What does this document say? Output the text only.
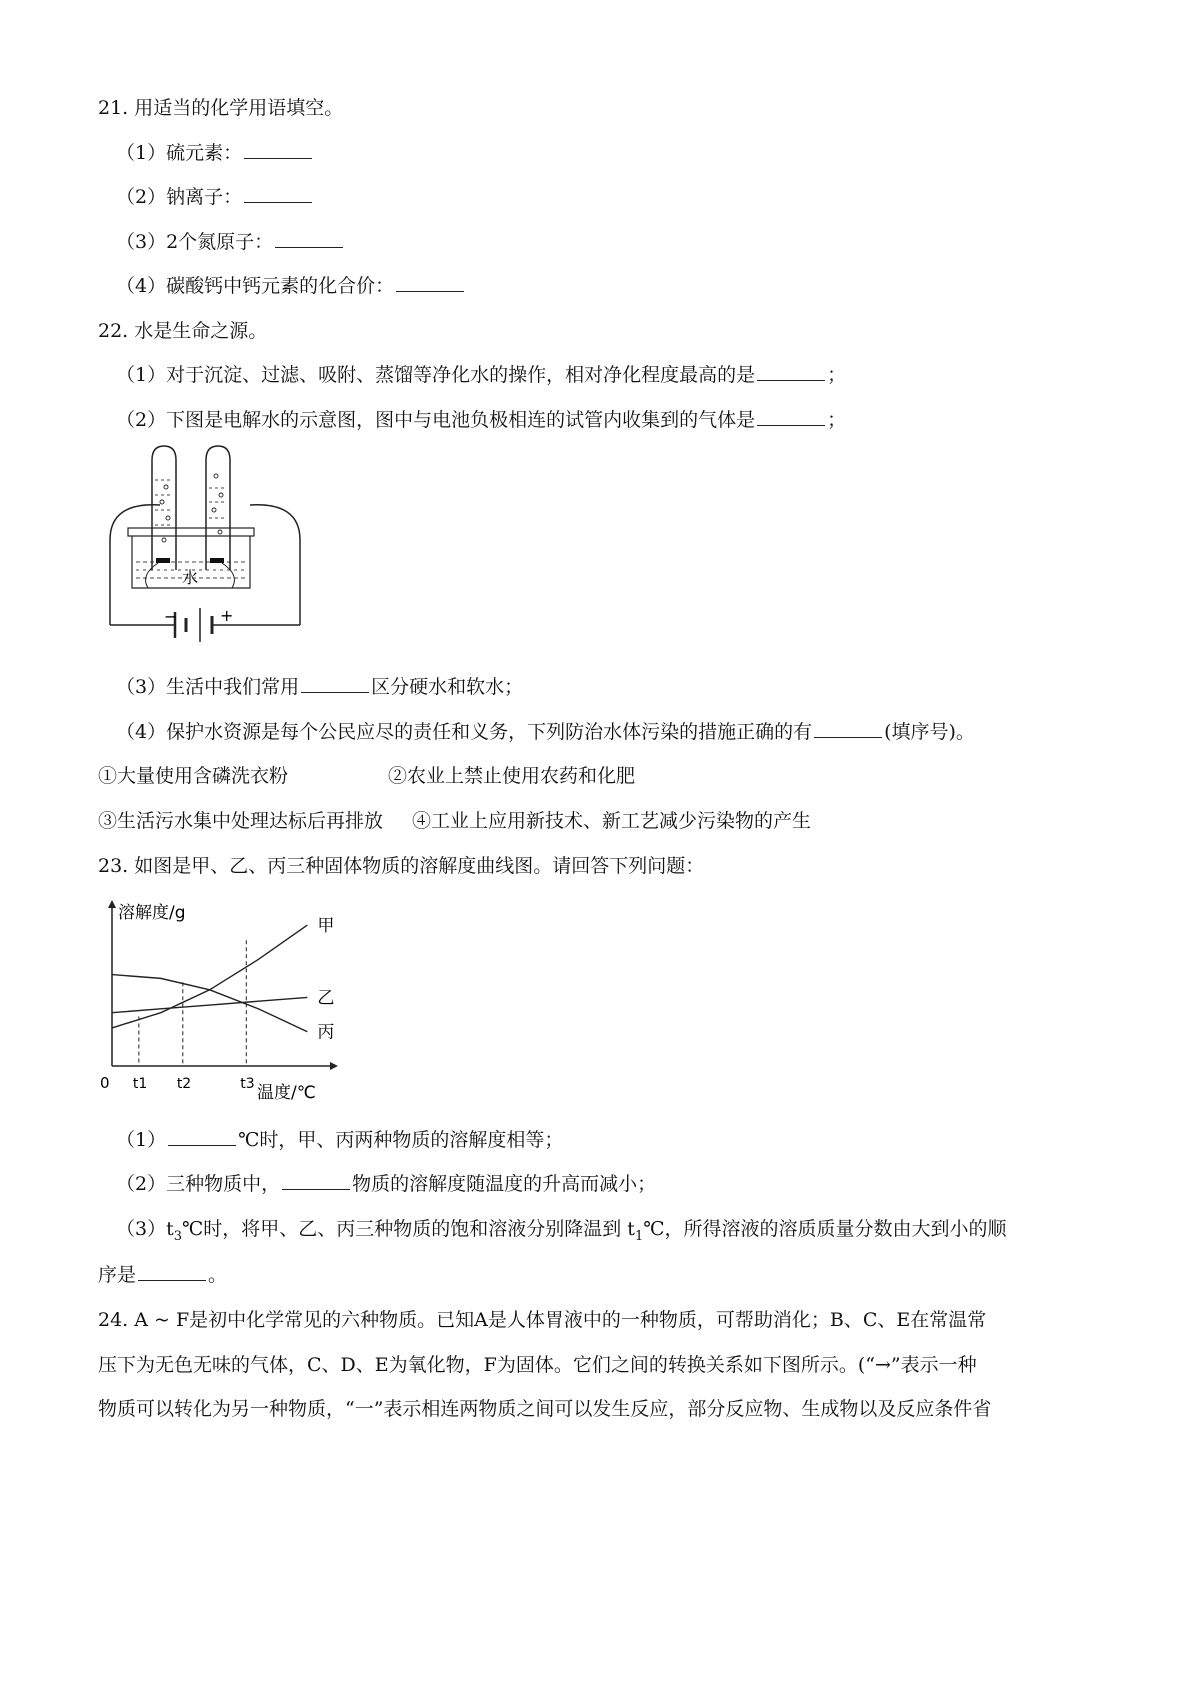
21. 用适当的化学用语填空。
（1）硫元素：
（2）钠离子：
（3）2个氮原子：
（4）碳酸钙中钙元素的化合价：
22. 水是生命之源。
（1）对于沉淀、过滤、吸附、蒸馏等净化水的操作，相对净化程度最高的是	；
（2）下图是电解水的示意图，图中与电池负极相连的试管内收集到的气体是	；
−	+
水
（3）生活中我们常用	区分硬水和软水；
（4）保护水资源是每个公民应尽的责任和义务，下列防治水体污染的措施正确的有	(填序号)。
①大量使用含磷洗衣粉	②农业上禁止使用农药和化肥
③生活污水集中处理达标后再排放 ④工业上应用新技术、新工艺减少污染物的产生
23. 如图是甲、乙、丙三种固体物质的溶解度曲线图。请回答下列问题：
溶解度/g
温度/℃
0 t1 t2	t3
甲
乙
丙
（1）	℃时，甲、丙两种物质的溶解度相等；
（2）三种物质中，	物质的溶解度随温度的升高而减小；
$(3)t_3℃$时，将甲、乙、丙三种物质的饱和溶液分别降温到 $t_1℃$，所得溶液的溶质质量分数由大到小的顺
序是	。
24. A ~ F是初中化学常见的六种物质。已知A是人体胃液中的一种物质，可帮助消化；B、C、E在常温常
压下为无色无味的气体，C、D、E为氧化物，F为固体。它们之间的转换关系如下图所示。(“→”表示一种
物质可以转化为另一种物质，“一”表示相连两物质之间可以发生反应，部分反应物、生成物以及反应条件省
